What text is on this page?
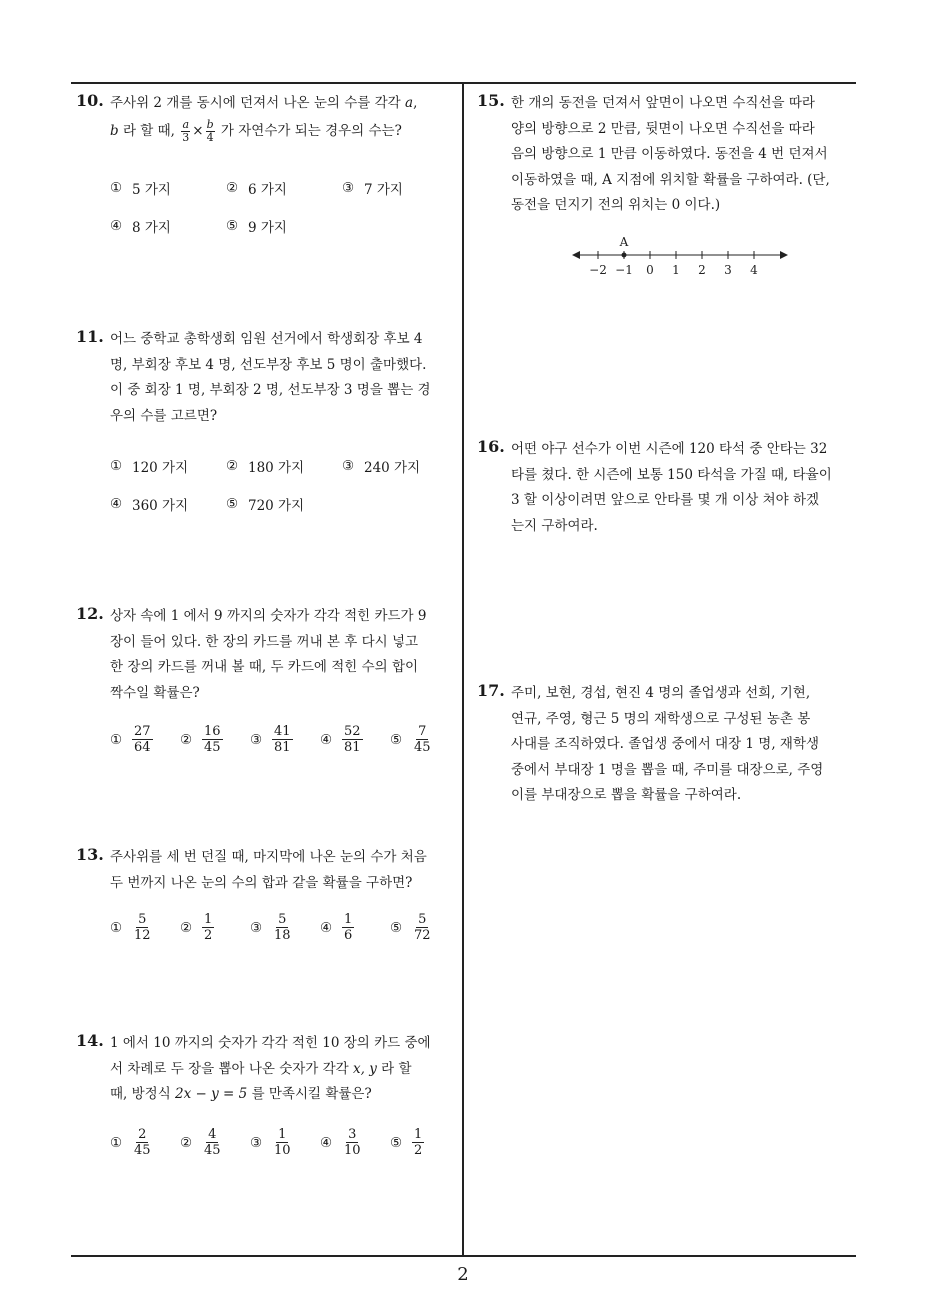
10. 주사위 2 개를 동시에 던져서 나온 눈의 수를 각각 a,
b
라 할 때,
$\frac{a}{3} \times \frac{b}{4}$
가 자연수가 되는 경우의 수는?
① 5 가지	② 6 가지	③ 7 가지
④ 8 가지	⑤ 9 가지
11. 어느 중학교 총학생회 임원 선거에서 학생회장 후보 4
명, 부회장 후보 4 명, 선도부장 후보 5 명이 출마했다.
이 중 회장 1 명, 부회장 2 명, 선도부장 3 명을 뽑는 경
우의 수를 고르면?
① 120 가지	② 180 가지	③ 240 가지
④ 360 가지	⑤ 720 가지
12. 상자 속에 1 에서 9 까지의 숫자가 각각 적힌 카드가 9
장이 들어 있다. 한 장의 카드를 꺼내 본 후 다시 넣고
한 장의 카드를 꺼내 볼 때, 두 카드에 적힌 수의 합이
짝수일 확률은?
① $\frac{27}{64}$ ② $\frac{16}{45}$ ③ $\frac{41}{81}$ ④ $\frac{52}{81}$ ⑤ $\frac{7}{45}$
13. 주사위를 세 번 던질 때, 마지막에 나온 눈의 수가 처음
두 번까지 나온 눈의 수의 합과 같을 확률을 구하면?
① $\frac{5}{12}$ ② $\frac{1}{2}$	③ $\frac{5}{18}$ ④ $\frac{1}{6}$	⑤ $\frac{5}{72}$
14. 1 에서 10 까지의 숫자가 각각 적힌 10 장의 카드 중에
서 차례로 두 장을 뽑아 나온 숫자가 각각 x, y 라 할
때, 방정식 2x − y = 5 를 만족시킬 확률은?
① $\frac{2}{45}$ ② $\frac{4}{45}$ ③ $\frac{1}{10}$ ④ $\frac{3}{10}$ ⑤ $\frac{1}{2}$
15. 한 개의 동전을 던져서 앞면이 나오면 수직선을 따라
양의 방향으로 2 만큼, 뒷면이 나오면 수직선을 따라
음의 방향으로 1 만큼 이동하였다. 동전을 4 번 던져서
이동하였을 때, A 지점에 위치할 확률을 구하여라. (단,
동전을 던지기 전의 위치는 0 이다.)
−2 −1 0 1 2 3 4
A
16. 어떤 야구 선수가 이번 시즌에 120 타석 중 안타는 32
타를 쳤다. 한 시즌에 보통 150 타석을 가질 때, 타율이
3 할 이상이려면 앞으로 안타를 몇 개 이상 쳐야 하겠
는지 구하여라.
17. 주미, 보현, 경섭, 현진 4 명의 졸업생과 선희, 기현,
연규, 주영, 형근 5 명의 재학생으로 구성된 농촌 봉
사대를 조직하였다. 졸업생 중에서 대장 1 명, 재학생
중에서 부대장 1 명을 뽑을 때, 주미를 대장으로, 주영
이를 부대장으로 뽑을 확률을 구하여라.
2
